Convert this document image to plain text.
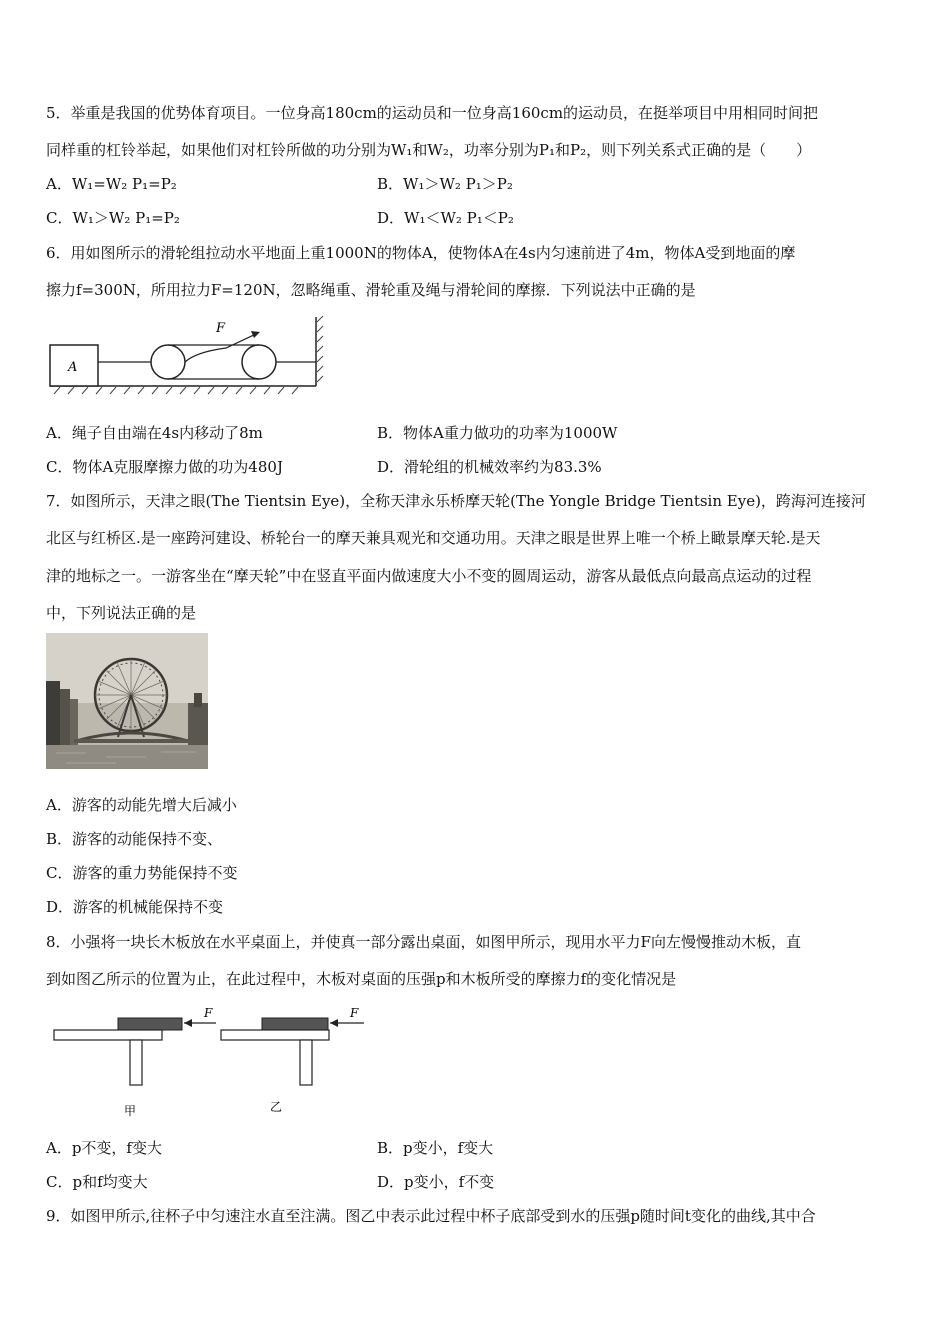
5．举重是我国的优势体育项目。一位身高180cm的运动员和一位身高160cm的运动员，在挺举项目中用相同时间把
同样重的杠铃举起，如果他们对杠铃所做的功分别为W₁和W₂，功率分别为P₁和P₂，则下列关系式正确的是（　　）
A．W₁=W₂ P₁=P₂	B．W₁＞W₂ P₁＞P₂
C．W₁＞W₂ P₁=P₂	D．W₁＜W₂ P₁＜P₂
6．用如图所示的滑轮组拉动水平地面上重1000N的物体A，使物体A在4s内匀速前进了4m，物体A受到地面的摩
擦力f=300N，所用拉力F=120N，忽略绳重、滑轮重及绳与滑轮间的摩擦．下列说法中正确的是
A
F
A．绳子自由端在4s内移动了8m	B．物体A重力做功的功率为1000W
C．物体A克服摩擦力做的功为480J	D．滑轮组的机械效率约为83.3%
7．如图所示，天津之眼(The Tientsin Eye)，全称天津永乐桥摩天轮(The Yongle Bridge Tientsin Eye)，跨海河连接河
北区与红桥区.是一座跨河建设、桥轮台一的摩天兼具观光和交通功用。天津之眼是世界上唯一个桥上瞰景摩天轮.是天
津的地标之一。一游客坐在“摩天轮”中在竖直平面内做速度大小不变的圆周运动，游客从最低点向最高点运动的过程
中，下列说法正确的是
A．游客的动能先增大后减小
B．游客的动能保持不变、
C．游客的重力势能保持不变
D．游客的机械能保持不变
8．小强将一块长木板放在水平桌面上，并使真一部分露出桌面，如图甲所示，现用水平力F向左慢慢推动木板，直
到如图乙所示的位置为止，在此过程中，木板对桌面的压强p和木板所受的摩擦力f的变化情况是
F	F
甲	乙
A．p不变，f变大	B．p变小，f变大
C．p和f均变大	D．p变小，f不变
9．如图甲所示,往杯子中匀速注水直至注满。图乙中表示此过程中杯子底部受到水的压强p随时间t变化的曲线,其中合
